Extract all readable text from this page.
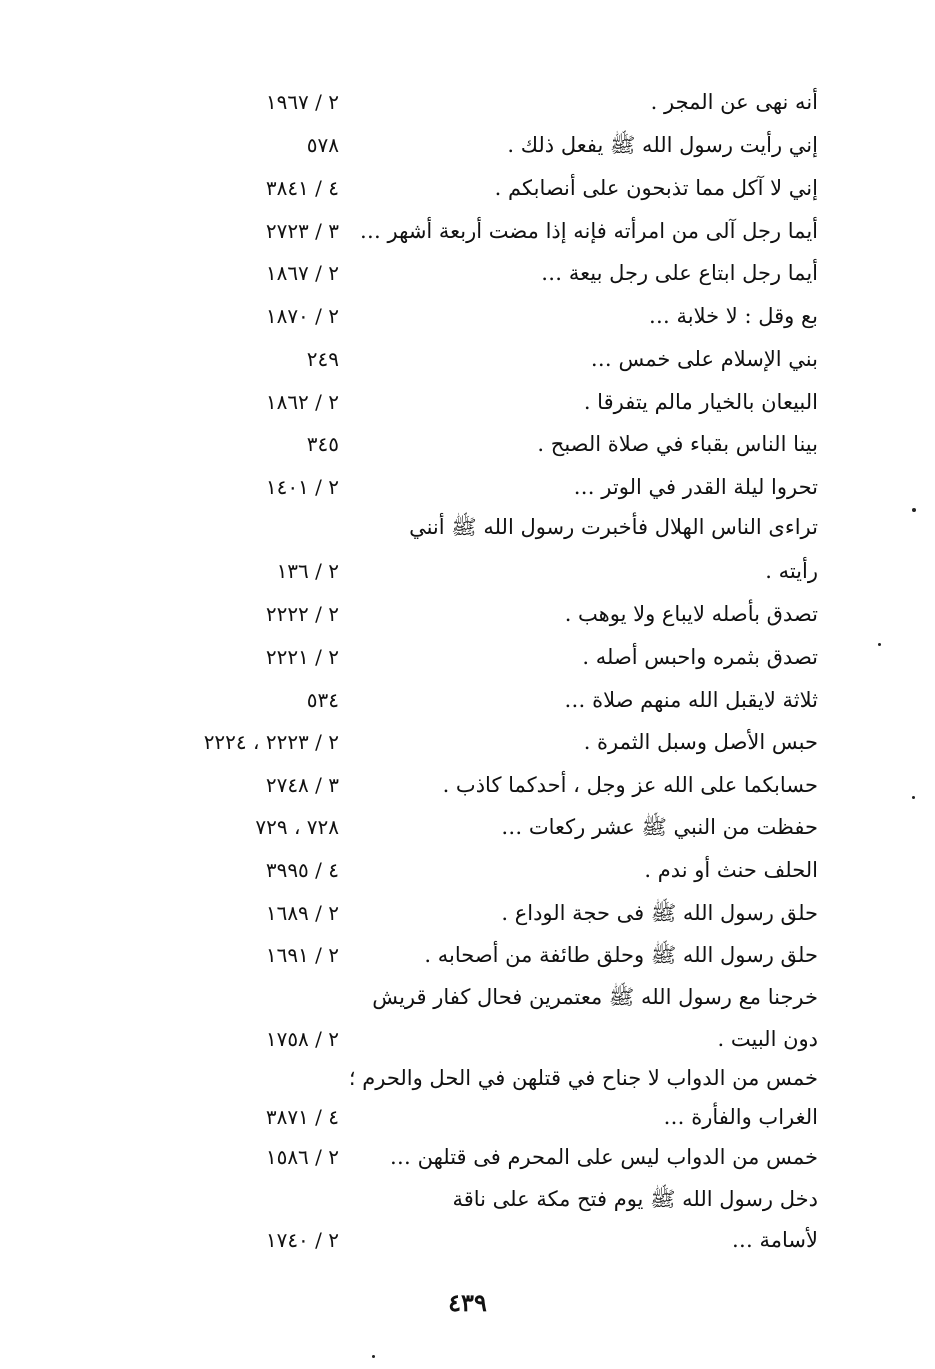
أنه نهى عن المجر .
٢ / ١٩٦٧
إني رأيت رسول الله ﷺ يفعل ذلك .
٥٧٨
إني لا آكل مما تذبحون على أنصابكم .
٤ / ٣٨٤١
أيما رجل آلى من امرأته فإنه إذا مضت أربعة أشهر …
٣ / ٢٧٢٣
أيما رجل ابتاع على رجل بيعة …
٢ / ١٨٦٧
بع وقل : لا خلابة …
٢ / ١٨٧٠
بني الإسلام على خمس …
٢٤٩
البيعان بالخيار مالم يتفرقا .
٢ / ١٨٦٢
بينا الناس بقباء في صلاة الصبح .
٣٤٥
تحروا ليلة القدر في الوتر …
٢ / ١٤٠١
تراءى الناس الهلال فأخبرت رسول الله ﷺ أنني
رأيته .
٢ / ١٣٦
تصدق بأصله لايباع ولا يوهب .
٢ / ٢٢٢٢
تصدق بثمره واحبس أصله .
٢ / ٢٢٢١
ثلاثة لايقبل الله منهم صلاة …
٥٣٤
حبس الأصل وسبل الثمرة .
٢ / ٢٢٢٣ ، ٢٢٢٤
حسابكما على الله عز وجل ، أحدكما كاذب .
٣ / ٢٧٤٨
حفظت من النبي ﷺ عشر ركعات …
٧٢٨ ، ٧٢٩
الحلف حنث أو ندم .
٤ / ٣٩٩٥
حلق رسول الله ﷺ فى حجة الوداع .
٢ / ١٦٨٩
حلق رسول الله ﷺ وحلق طائفة من أصحابه .
٢ / ١٦٩١
خرجنا مع رسول الله ﷺ معتمرين فحال كفار قريش
دون البيت .
٢ / ١٧٥٨
خمس من الدواب لا جناح في قتلهن في الحل والحرم ؛
الغراب والفأرة …
٤ / ٣٨٧١
خمس من الدواب ليس على المحرم فى قتلهن …
٢ / ١٥٨٦
دخل رسول الله ﷺ يوم فتح مكة على ناقة
لأسامة …
٢ / ١٧٤٠
٤٣٩
